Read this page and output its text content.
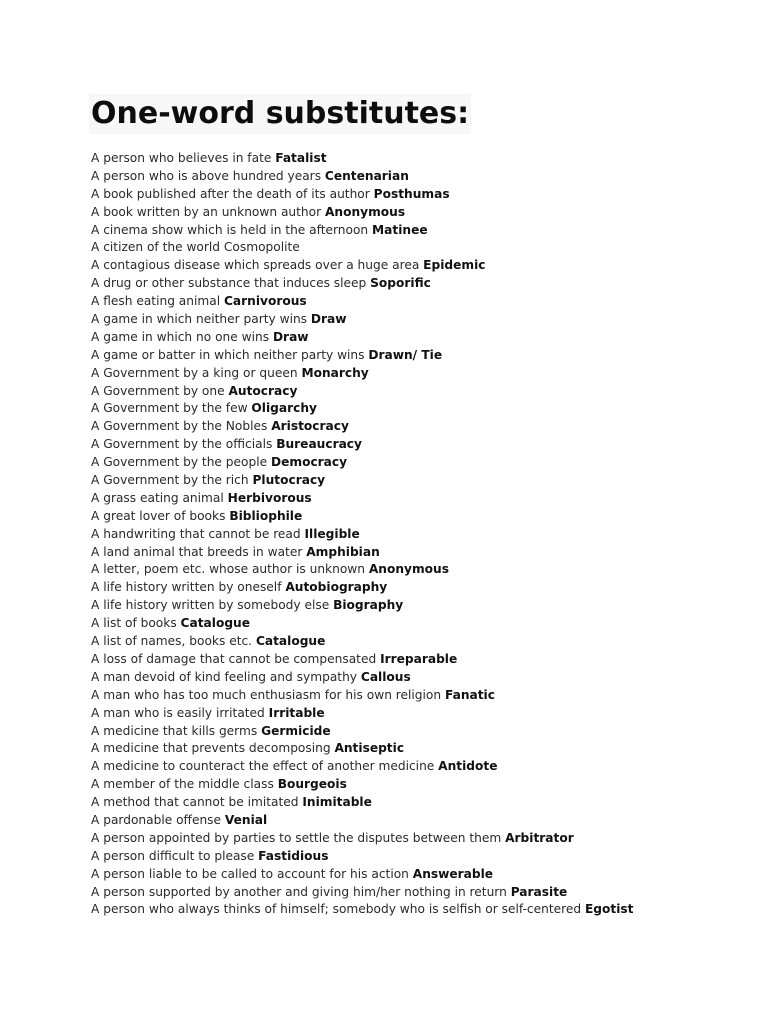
One-word substitutes:
A person who believes in fate Fatalist
A person who is above hundred years Centenarian
A book published after the death of its author Posthumas
A book written by an unknown author Anonymous
A cinema show which is held in the afternoon Matinee
A citizen of the world Cosmopolite
A contagious disease which spreads over a huge area Epidemic
A drug or other substance that induces sleep Soporific
A flesh eating animal Carnivorous
A game in which neither party wins Draw
A game in which no one wins Draw
A game or batter in which neither party wins Drawn/ Tie
A Government by a king or queen Monarchy
A Government by one Autocracy
A Government by the few Oligarchy
A Government by the Nobles Aristocracy
A Government by the officials Bureaucracy
A Government by the people Democracy
A Government by the rich Plutocracy
A grass eating animal Herbivorous
A great lover of books Bibliophile
A handwriting that cannot be read Illegible
A land animal that breeds in water Amphibian
A letter, poem etc. whose author is unknown Anonymous
A life history written by oneself Autobiography
A life history written by somebody else Biography
A list of books Catalogue
A list of names, books etc. Catalogue
A loss of damage that cannot be compensated Irreparable
A man devoid of kind feeling and sympathy Callous
A man who has too much enthusiasm for his own religion Fanatic
A man who is easily irritated Irritable
A medicine that kills germs Germicide
A medicine that prevents decomposing Antiseptic
A medicine to counteract the effect of another medicine Antidote
A member of the middle class Bourgeois
A method that cannot be imitated Inimitable
A pardonable offense Venial
A person appointed by parties to settle the disputes between them Arbitrator
A person difficult to please Fastidious
A person liable to be called to account for his action Answerable
A person supported by another and giving him/her nothing in return Parasite
A person who always thinks of himself; somebody who is selfish or self-centered Egotist
